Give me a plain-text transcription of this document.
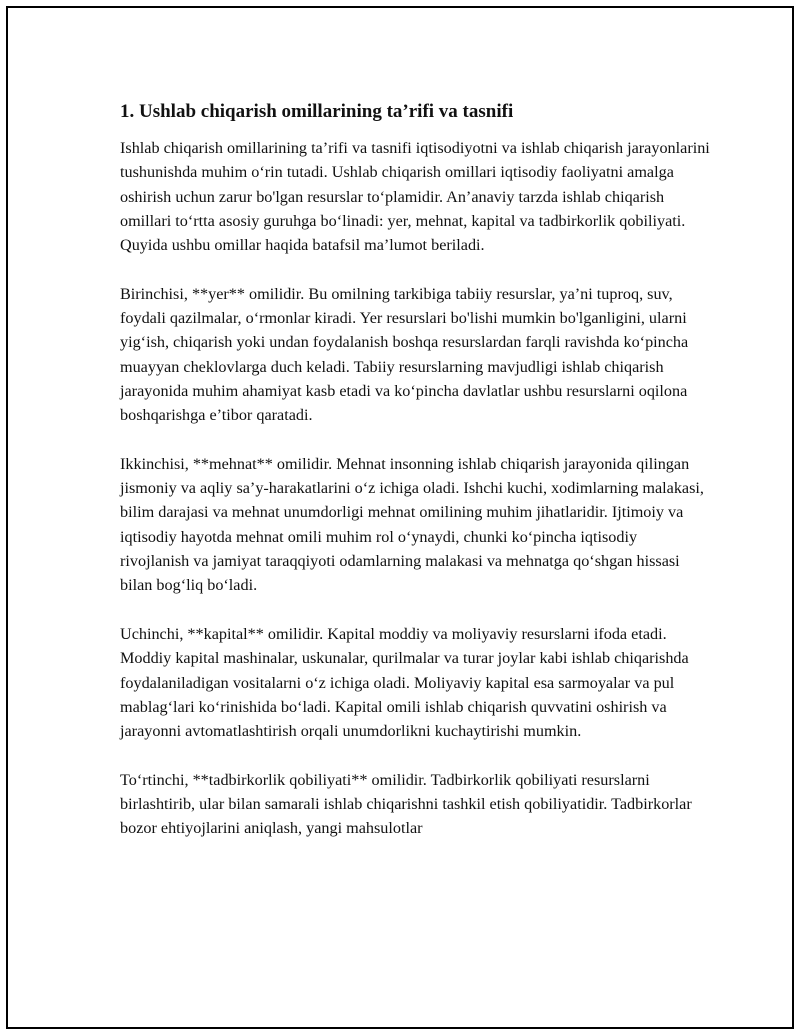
1. Ushlab chiqarish omillarining ta’rifi va tasnifi

Ishlab chiqarish omillarining ta’rifi va tasnifi iqtisodiyotni va ishlab chiqarish jarayonlarini tushunishda muhim o‘rin tutadi. Ushlab chiqarish omillari iqtisodiy faoliyatni amalga oshirish uchun zarur bo'lgan resurslar to‘plamidir. An’anaviy tarzda ishlab chiqarish omillari to‘rtta asosiy guruhga bo‘linadi: yer, mehnat, kapital va tadbirkorlik qobiliyati. Quyida ushbu omillar haqida batafsil ma’lumot beriladi.

Birinchisi, **yer** omilidir. Bu omilning tarkibiga tabiiy resurslar, ya’ni tuproq, suv, foydali qazilmalar, o‘rmonlar kiradi. Yer resurslari bo'lishi mumkin bo'lganligini, ularni yig‘ish, chiqarish yoki undan foydalanish boshqa resurslardan farqli ravishda ko‘pincha muayyan cheklovlarga duch keladi. Tabiiy resurslarning mavjudligi ishlab chiqarish jarayonida muhim ahamiyat kasb etadi va ko‘pincha davlatlar ushbu resurslarni oqilona boshqarishga e’tibor qaratadi.

Ikkinchisi, **mehnat** omilidir. Mehnat insonning ishlab chiqarish jarayonida qilingan jismoniy va aqliy sa’y-harakatlarini o‘z ichiga oladi. Ishchi kuchi, xodimlarning malakasi, bilim darajasi va mehnat unumdorligi mehnat omilining muhim jihatlaridir. Ijtimoiy va iqtisodiy hayotda mehnat omili muhim rol o‘ynaydi, chunki ko‘pincha iqtisodiy rivojlanish va jamiyat taraqqiyoti odamlarning malakasi va mehnatga qo‘shgan hissasi bilan bog‘liq bo‘ladi.

Uchinchi, **kapital** omilidir. Kapital moddiy va moliyaviy resurslarni ifoda etadi. Moddiy kapital mashinalar, uskunalar, qurilmalar va turar joylar kabi ishlab chiqarishda foydalaniladigan vositalarni o‘z ichiga oladi. Moliyaviy kapital esa sarmoyalar va pul mablag‘lari ko‘rinishida bo‘ladi. Kapital omili ishlab chiqarish quvvatini oshirish va jarayonni avtomatlashtirish orqali unumdorlikni kuchaytirishi mumkin.

To‘rtinchi, **tadbirkorlik qobiliyati** omilidir. Tadbirkorlik qobiliyati resurslarni birlashtirib, ular bilan samarali ishlab chiqarishni tashkil etish qobiliyatidir. Tadbirkorlar bozor ehtiyojlarini aniqlash, yangi mahsulotlar
